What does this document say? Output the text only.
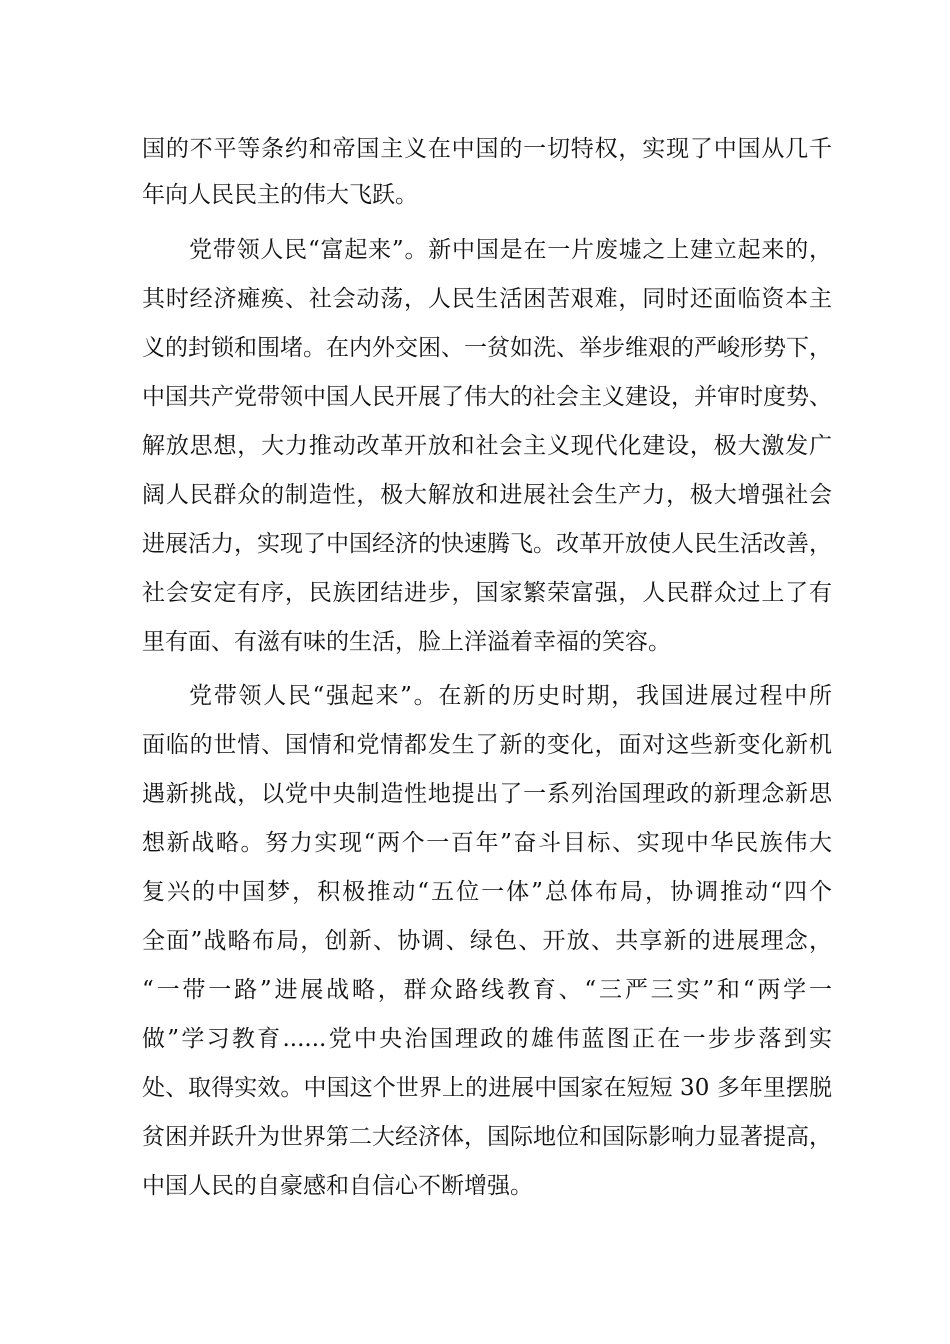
国的不平等条约和帝国主义在中国的一切特权，实现了中国从几千
年向人民民主的伟大飞跃。
党带领人民“富起来”。新中国是在一片废墟之上建立起来的，
其时经济瘫痪、社会动荡，人民生活困苦艰难，同时还面临资本主
义的封锁和围堵。在内外交困、一贫如洗、举步维艰的严峻形势下，
中国共产党带领中国人民开展了伟大的社会主义建设，并审时度势、
解放思想，大力推动改革开放和社会主义现代化建设，极大激发广
阔人民群众的制造性，极大解放和进展社会生产力，极大增强社会
进展活力，实现了中国经济的快速腾飞。改革开放使人民生活改善，
社会安定有序，民族团结进步，国家繁荣富强，人民群众过上了有
里有面、有滋有味的生活，脸上洋溢着幸福的笑容。
党带领人民“强起来”。在新的历史时期，我国进展过程中所
面临的世情、国情和党情都发生了新的变化，面对这些新变化新机
遇新挑战，以党中央制造性地提出了一系列治国理政的新理念新思
想新战略。努力实现“两个一百年”奋斗目标、实现中华民族伟大
复兴的中国梦，积极推动“五位一体”总体布局，协调推动“四个
全面”战略布局，创新、协调、绿色、开放、共享新的进展理念，
“一带一路”进展战略，群众路线教育、“三严三实”和“两学一
做”学习教育......党中央治国理政的雄伟蓝图正在一步步落到实
处、取得实效。中国这个世界上的进展中国家在短短 30 多年里摆脱
贫困并跃升为世界第二大经济体，国际地位和国际影响力显著提高，
中国人民的自豪感和自信心不断增强。
